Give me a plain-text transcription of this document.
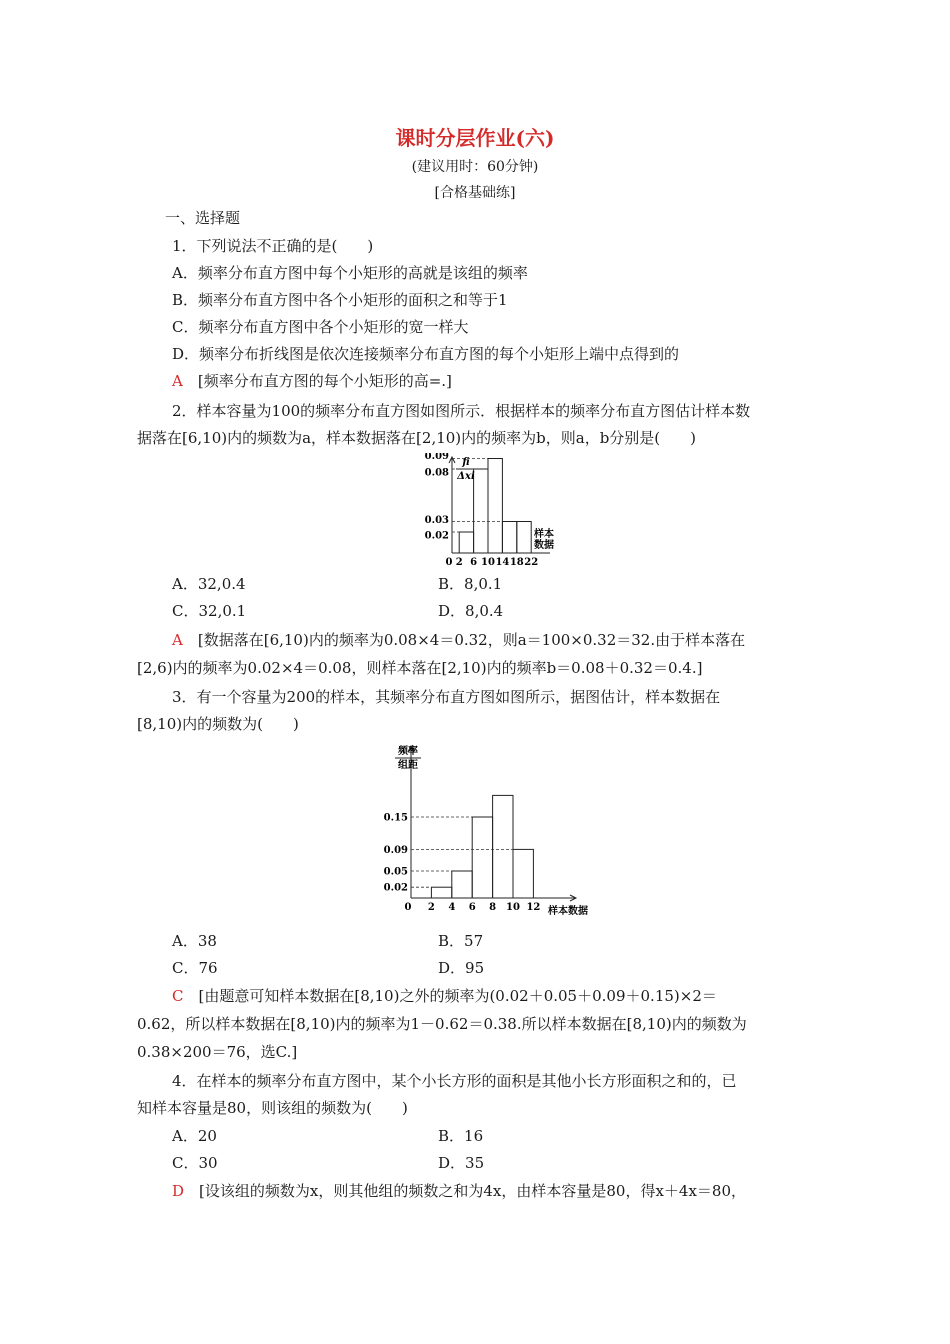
课时分层作业(六)
(建议用时：60分钟)
[合格基础练]
一、选择题
1．下列说法不正确的是(　　)
A．频率分布直方图中每个小矩形的高就是该组的频率
B．频率分布直方图中各个小矩形的面积之和等于1
C．频率分布直方图中各个小矩形的宽一样大
D．频率分布折线图是依次连接频率分布直方图的每个小矩形上端中点得到的
A　 [频率分布直方图的每个小矩形的高=.]
2．样本容量为100的频率分布直方图如图所示．根据样本的频率分布直方图估计样本数
据落在[6,10)内的频数为a，样本数据落在[2,10)内的频率为b，则a，b分别是(　　)
0.09
0.08
0.03
0.02
0 2 6 10 14 18 22
fi
Δxi
样本
数据
A．32,0.4	B．8,0.1
C．32,0.1	D．8,0.4
A　 [数据落在[6,10)内的频率为0.08×4＝0.32，则a＝100×0.32＝32.由于样本落在
[2,6)内的频率为0.02×4＝0.08，则样本落在[2,10)内的频率b＝0.08＋0.32＝0.4.]
3．有一个容量为200的样本，其频率分布直方图如图所示，据图估计，样本数据在
[8,10)内的频数为(　　)
0.15
0.09
0.05
0.02
0 2 4 6 8 10 12
频率
组距
样本数据
A．38	B．57
C．76	D．95
C　 [由题意可知样本数据在[8,10)之外的频率为(0.02＋0.05＋0.09＋0.15)×2＝
0.62，所以样本数据在[8,10)内的频率为1－0.62＝0.38.所以样本数据在[8,10)内的频数为
0.38×200＝76，选C.]
4．在样本的频率分布直方图中，某个小长方形的面积是其他小长方形面积之和的，已
知样本容量是80，则该组的频数为(　　)
A．20	B．16
C．30	D．35
D　 [设该组的频数为x，则其他组的频数之和为4x，由样本容量是80，得x＋4x＝80，
